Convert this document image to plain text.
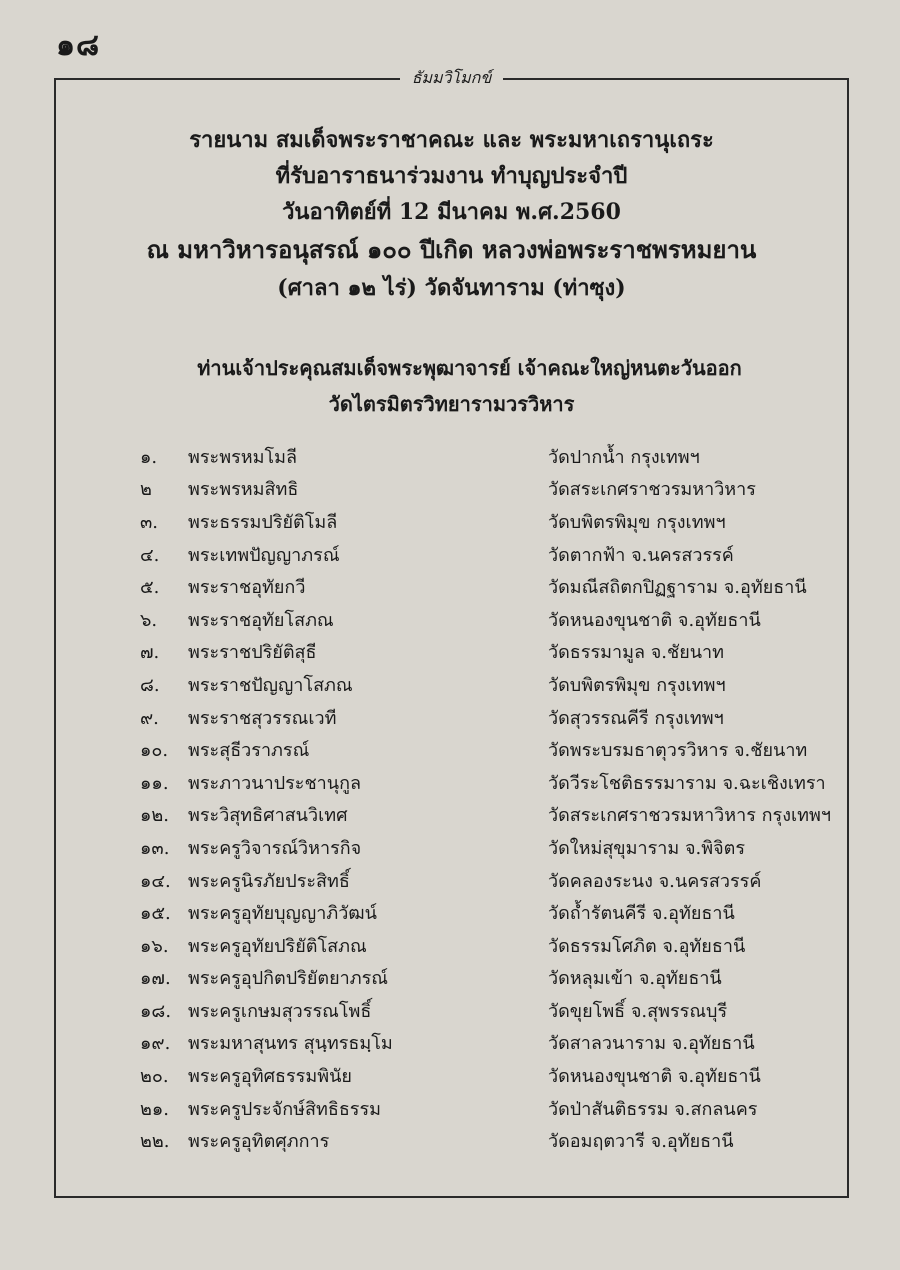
๑๘
ธัมมวิโมกข์

รายนาม สมเด็จพระราชาคณะ และ พระมหาเถรานุเถระ

ที่รับอาราธนาร่วมงาน ทำบุญประจำปี

วันอาทิตย์ที่ 12 มีนาคม พ.ศ.2560

ณ มหาวิหารอนุสรณ์ ๑๐๐ ปีเกิด หลวงพ่อพระราชพรหมยาน

(ศาลา ๑๒ ไร่) วัดจันทาราม (ท่าซุง)

ท่านเจ้าประคุณสมเด็จพระพุฒาจารย์ เจ้าคณะใหญ่หนตะวันออก
วัดไตรมิตรวิทยารามวรวิหาร
๑.	พระพรหมโมลี	วัดปากน้ำ กรุงเทพฯ
๒	พระพรหมสิทธิ	วัดสระเกศราชวรมหาวิหาร
๓.	พระธรรมปริยัติโมลี	วัดบพิตรพิมุข กรุงเทพฯ
๔.	พระเทพปัญญาภรณ์	วัดตากฟ้า จ.นครสวรรค์
๕.	พระราชอุทัยกวี	วัดมณีสถิตกปิฏฐาราม จ.อุทัยธานี
๖.	พระราชอุทัยโสภณ	วัดหนองขุนชาติ จ.อุทัยธานี
๗.	พระราชปริยัติสุธี	วัดธรรมามูล จ.ชัยนาท
๘.	พระราชปัญญาโสภณ	วัดบพิตรพิมุข กรุงเทพฯ
๙.	พระราชสุวรรณเวที	วัดสุวรรณคีรี กรุงเทพฯ
๑๐.	พระสุธีวราภรณ์	วัดพระบรมธาตุวรวิหาร จ.ชัยนาท
๑๑.	พระภาวนาประชานุกูล	วัดวีระโชติธรรมาราม จ.ฉะเชิงเทรา
๑๒.	พระวิสุทธิศาสนวิเทศ	วัดสระเกศราชวรมหาวิหาร กรุงเทพฯ
๑๓.	พระครูวิจารณ์วิหารกิจ	วัดใหม่สุขุมาราม จ.พิจิตร
๑๔. พระครูนิรภัยประสิทธิ์	วัดคลองระนง จ.นครสวรรค์
๑๕. พระครูอุทัยบุญญาภิวัฒน์	วัดถ้ำรัตนคีรี จ.อุทัยธานี
๑๖.	พระครูอุทัยปริยัติโสภณ	วัดธรรมโศภิต จ.อุทัยธานี
๑๗. พระครูอุปกิตปริยัตยาภรณ์	วัดหลุมเข้า จ.อุทัยธานี
๑๘. พระครูเกษมสุวรรณโพธิ์	วัดขุยโพธิ์ จ.สุพรรณบุรี
๑๙. พระมหาสุนทร สุนฺทรธมฺโม	วัดสาลวนาราม จ.อุทัยธานี
๒๐.	พระครูอุทิศธรรมพินัย	วัดหนองขุนชาติ จ.อุทัยธานี
๒๑.	พระครูประจักษ์สิทธิธรรม	วัดป่าสันติธรรม จ.สกลนคร
๒๒.	พระครูอุทิตศุภการ	วัดอมฤตวารี จ.อุทัยธานี
